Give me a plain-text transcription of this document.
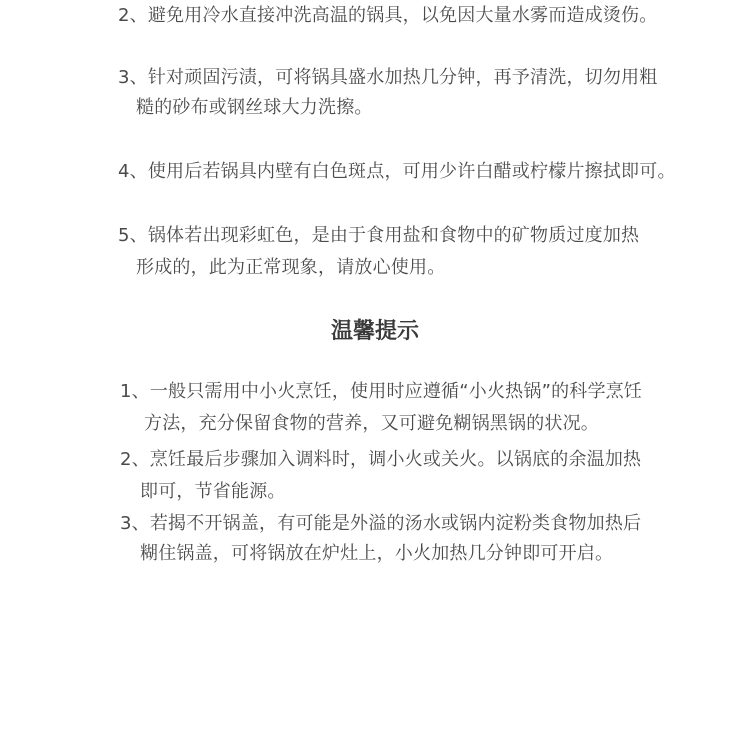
2、避免用冷水直接冲洗高温的锅具，以免因大量水雾而造成烫伤。
3、针对顽固污渍，可将锅具盛水加热几分钟，再予清洗，切勿用粗
糙的砂布或钢丝球大力洗擦。
4、使用后若锅具内壁有白色斑点，可用少许白醋或柠檬片擦拭即可。
5、锅体若出现彩虹色，是由于食用盐和食物中的矿物质过度加热
形成的，此为正常现象，请放心使用。
温馨提示
1、一般只需用中小火烹饪，使用时应遵循“小火热锅”的科学烹饪
方法，充分保留食物的营养，又可避免糊锅黑锅的状况。
2、烹饪最后步骤加入调料时，调小火或关火。以锅底的余温加热
即可，节省能源。
3、若揭不开锅盖，有可能是外溢的汤水或锅内淀粉类食物加热后
糊住锅盖，可将锅放在炉灶上，小火加热几分钟即可开启。
